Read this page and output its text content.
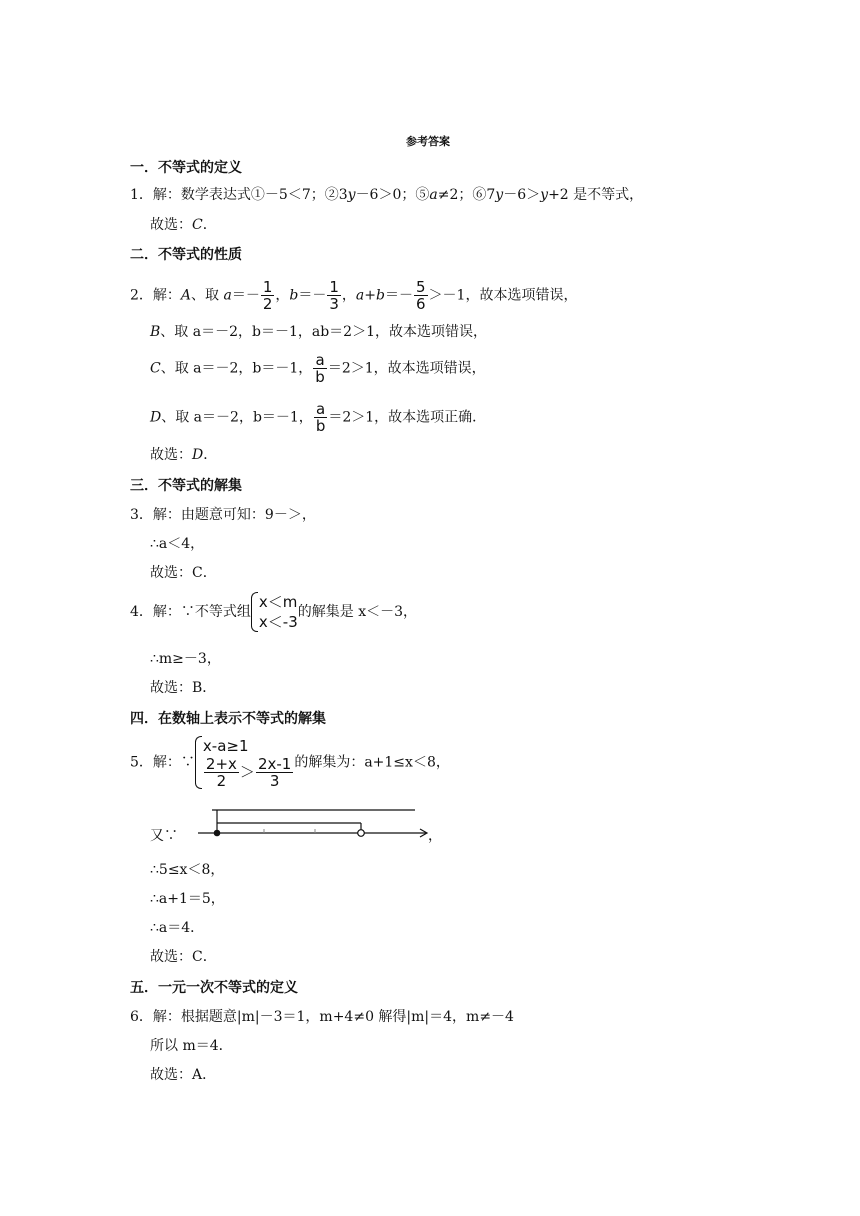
参考答案
一．不等式的定义
1．解：数学表达式①－5＜7；②3y－6＞0；⑤a≠2；⑥7y－6＞y+2 是不等式，
故选：C．
二．不等式的性质
2．解：A、取 $a=- \frac{1}{2}$ ，$b=- \frac{1}{3}$ ，$a+b=- \frac{5}{6} >-1$，故本选项错误，
B、取 a＝－2，b＝－1，ab＝2＞1，故本选项错误，
C、取 a＝－2，b＝－1， $\frac{a}{b} =2>1$，故本选项错误，
D、取 a＝－2，b＝－1， $\frac{a}{b} =2>1$，故本选项正确．
故选：D．
三．不等式的解集
3．解：由题意可知：9－＞，
∴a＜4，
故选：C．
4．解：∵不等式组
x＜m
x＜-3
的解集是 x＜－3，
∴m≥－3，
故选：B．
四．在数轴上表示不等式的解集
5．解：∵
x-a≥1
$\frac{2+x}{2} > \frac{2x-1}{3}$ 的解集为：a+1≤x＜8，
又∵	，
∴5≤x＜8，
∴a+1＝5，
∴a＝4．
故选：C．
五．一元一次不等式的定义
6．解：根据题意|m|－3＝1，m+4≠0 解得|m|＝4，m≠－4
所以 m＝4．
故选：A．
